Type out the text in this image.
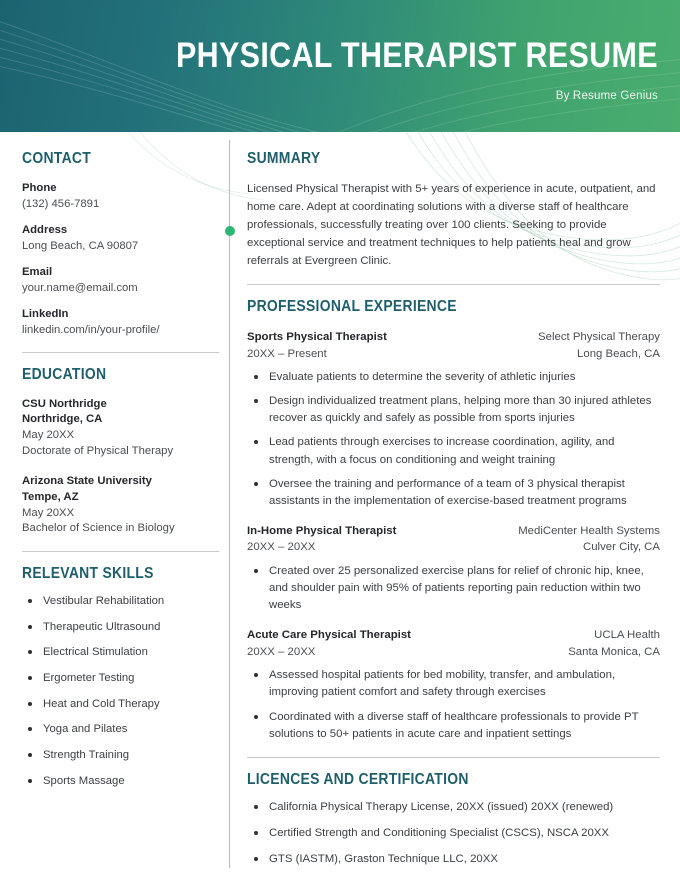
PHYSICAL THERAPIST RESUME
By Resume Genius
CONTACT
Phone
(132) 456-7891
Address
Long Beach, CA 90807
Email
your.name@email.com
LinkedIn
linkedin.com/in/your-profile/
EDUCATION
CSU Northridge
Northridge, CA
May 20XX
Doctorate of Physical Therapy
Arizona State University
Tempe, AZ
May 20XX
Bachelor of Science in Biology
RELEVANT SKILLS
Vestibular Rehabilitation
Therapeutic Ultrasound
Electrical Stimulation
Ergometer Testing
Heat and Cold Therapy
Yoga and Pilates
Strength Training
Sports Massage
SUMMARY

Licensed Physical Therapist with 5+ years of experience in acute, outpatient, and home care. Adept at coordinating solutions with a diverse staff of healthcare professionals, successfully treating over 100 clients. Seeking to provide exceptional service and treatment techniques to help patients heal and grow referrals at Evergreen Clinic.

PROFESSIONAL EXPERIENCE
Sports Physical Therapist	Select Physical Therapy
20XX – Present	Long Beach, CA
Evaluate patients to determine the severity of athletic injuries
Design individualized treatment plans, helping more than 30 injured athletes recover as quickly and safely as possible from sports injuries
Lead patients through exercises to increase coordination, agility, and strength, with a focus on conditioning and weight training
Oversee the training and performance of a team of 3 physical therapist assistants in the implementation of exercise-based treatment programs
In-Home Physical Therapist	MediCenter Health Systems
20XX – 20XX	Culver City, CA
Created over 25 personalized exercise plans for relief of chronic hip, knee, and shoulder pain with 95% of patients reporting pain reduction within two weeks
Acute Care Physical Therapist	UCLA Health
20XX – 20XX	Santa Monica, CA
Assessed hospital patients for bed mobility, transfer, and ambulation, improving patient comfort and safety through exercises
Coordinated with a diverse staff of healthcare professionals to provide PT solutions to 50+ patients in acute care and inpatient settings
LICENCES AND CERTIFICATION
California Physical Therapy License, 20XX (issued) 20XX (renewed)
Certified Strength and Conditioning Specialist (CSCS), NSCA 20XX
GTS (IASTM), Graston Technique LLC, 20XX
